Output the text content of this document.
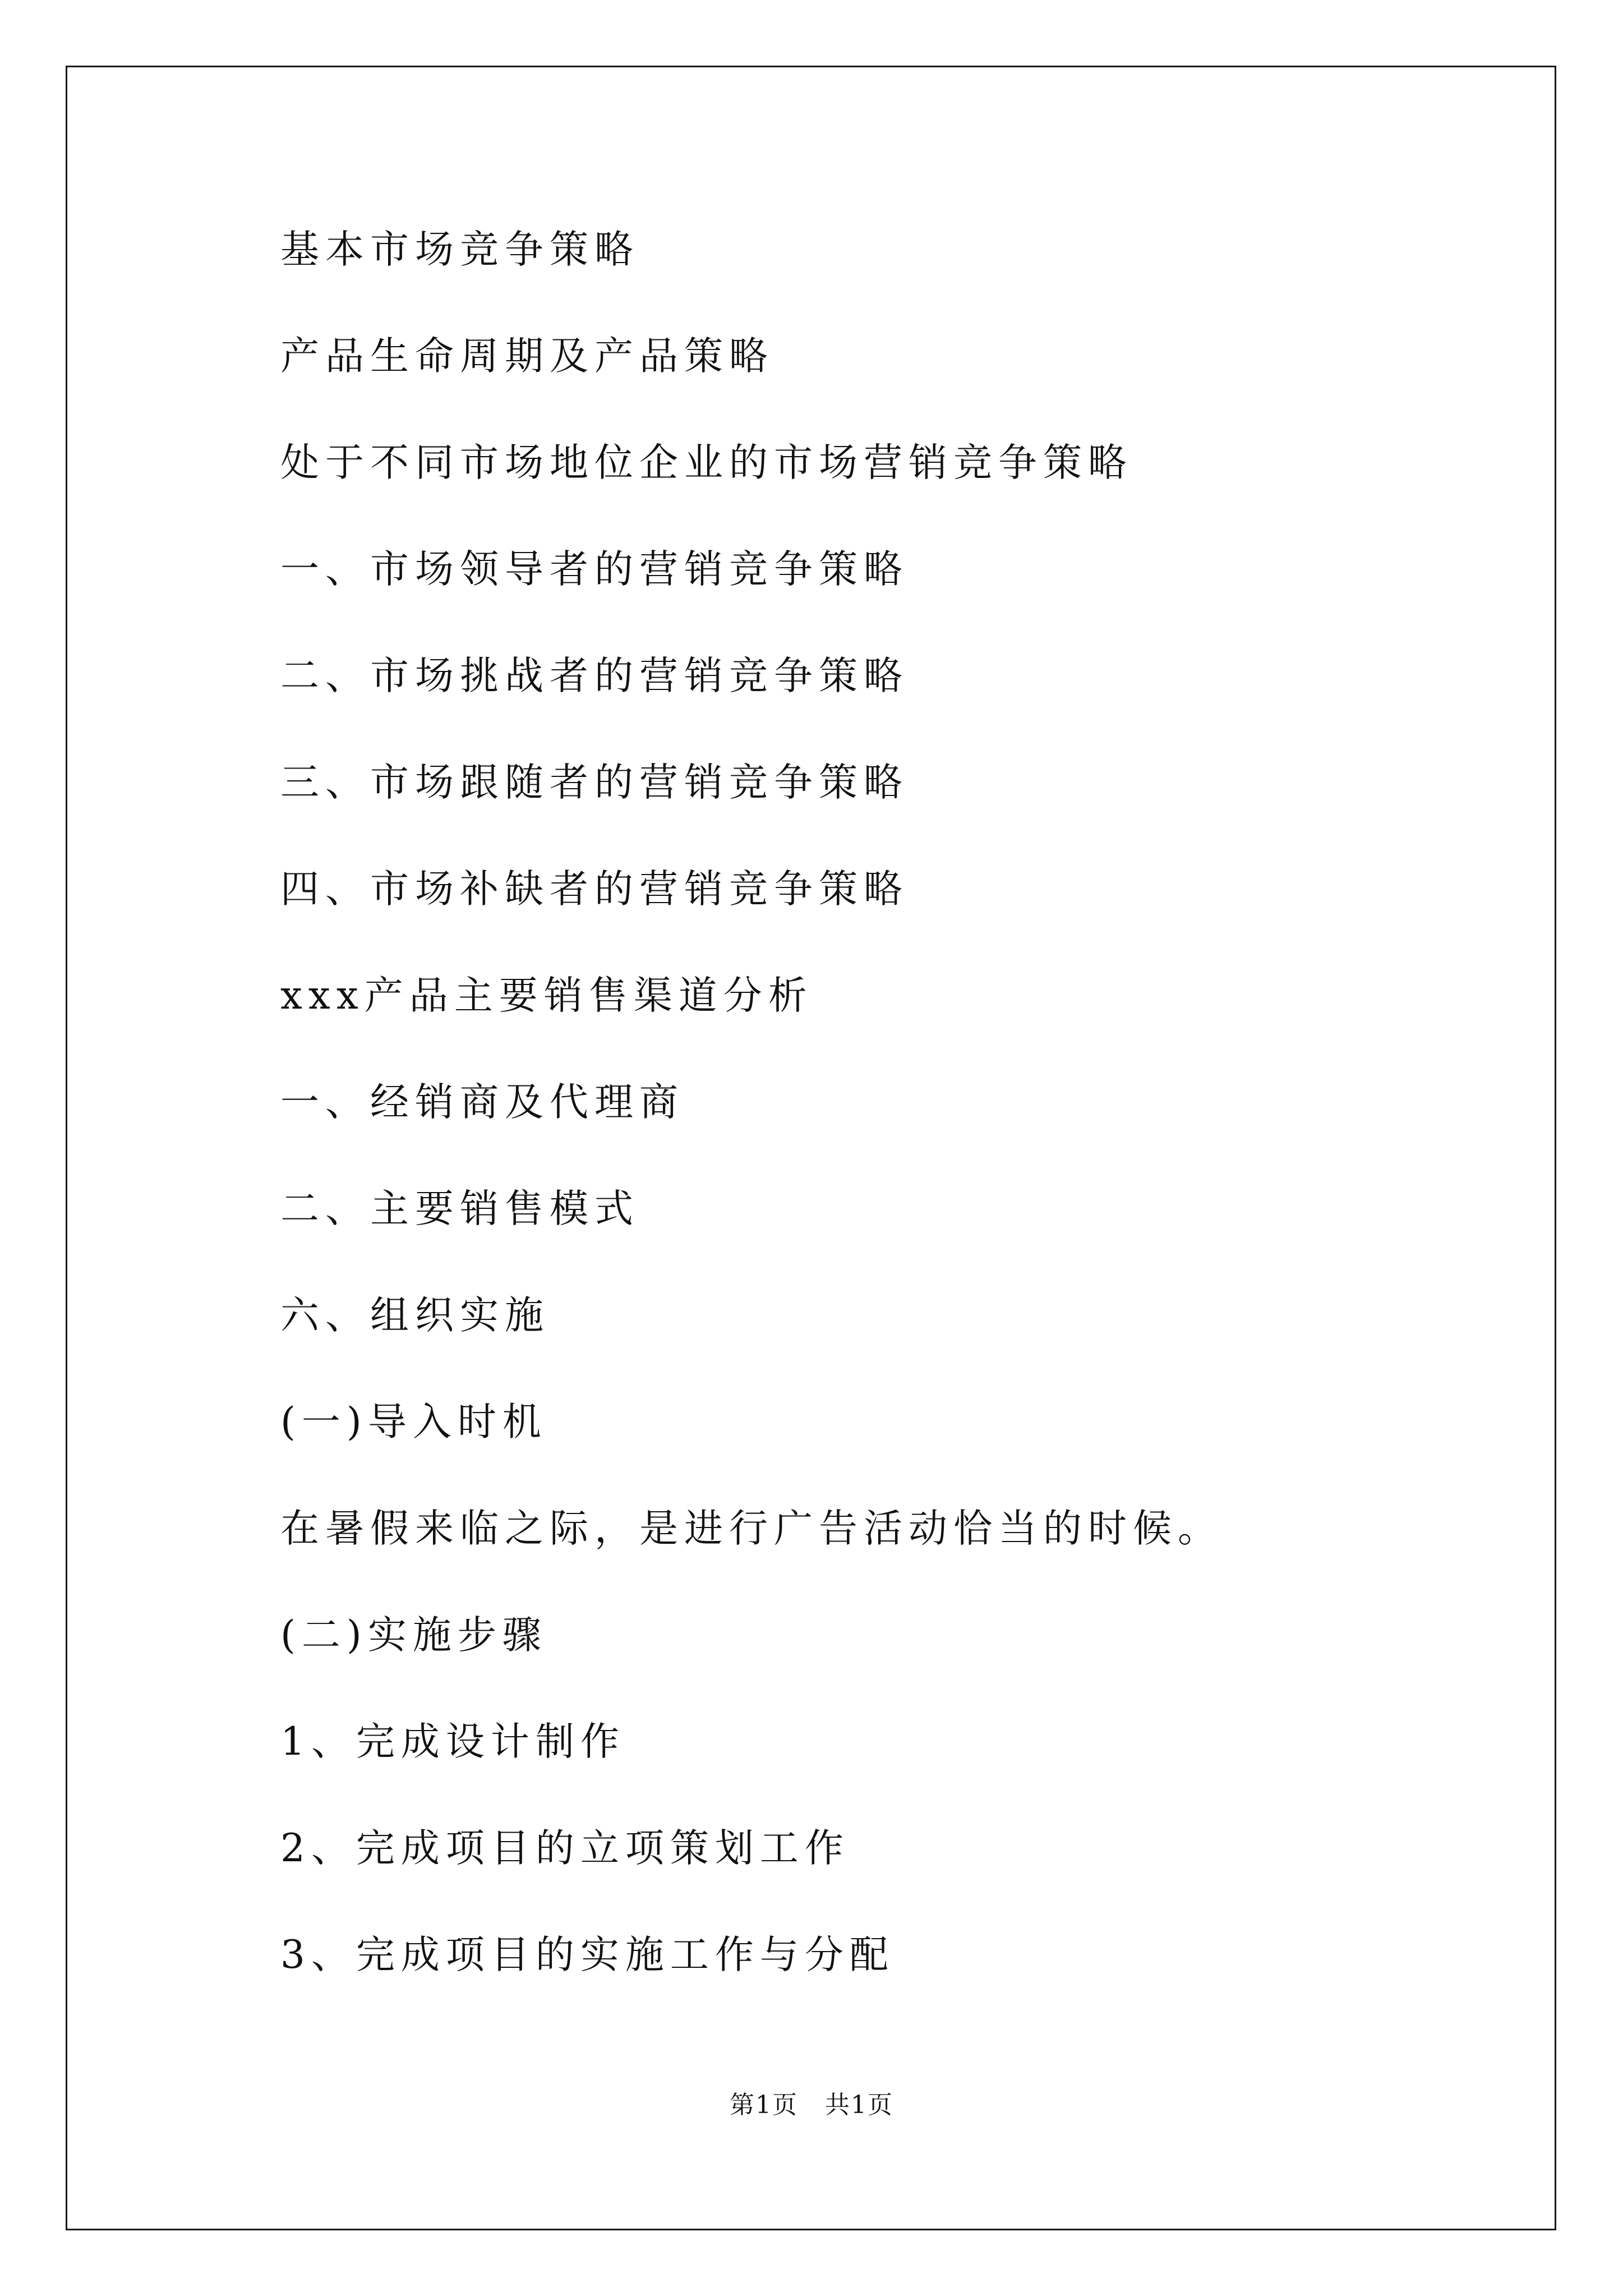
基本市场竞争策略
产品生命周期及产品策略
处于不同市场地位企业的市场营销竞争策略
一、市场领导者的营销竞争策略
二、市场挑战者的营销竞争策略
三、市场跟随者的营销竞争策略
四、市场补缺者的营销竞争策略
xxx产品主要销售渠道分析
一、经销商及代理商
二、主要销售模式
六、组织实施
(一)导入时机
在暑假来临之际，是进行广告活动恰当的时候。
(二)实施步骤
1、完成设计制作
2、完成项目的立项策划工作
3、完成项目的实施工作与分配
第1页 共1页
